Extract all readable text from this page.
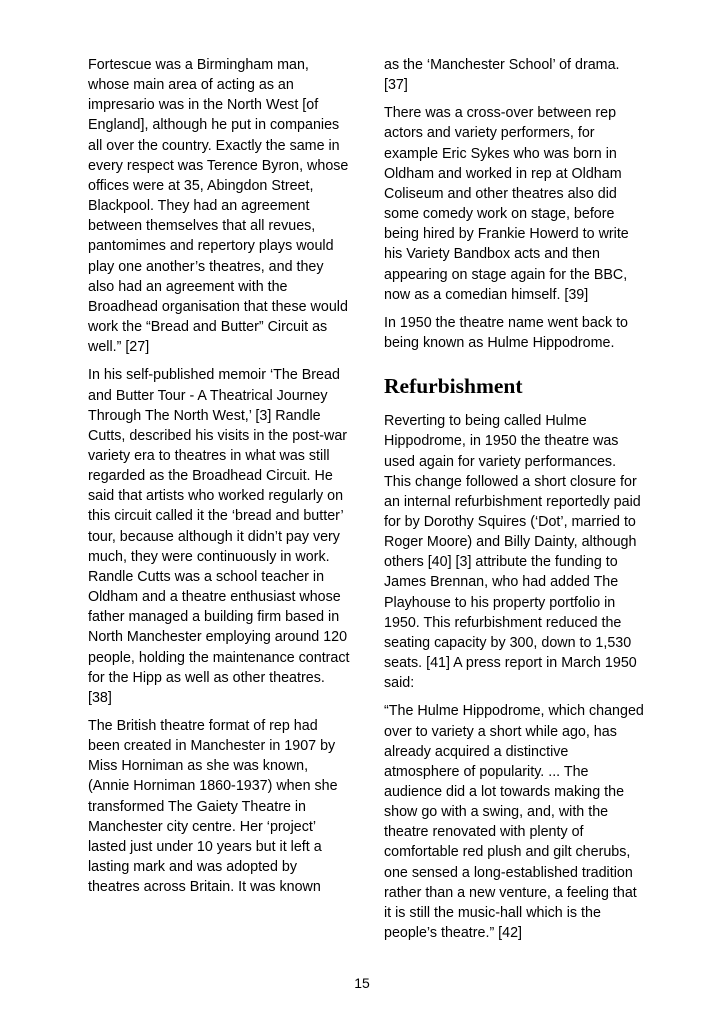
Fortescue was a Birmingham man, whose main area of acting as an impresario was in the North West [of England], although he put in companies all over the country. Exactly the same in every respect was Terence Byron, whose offices were at 35, Abingdon Street, Blackpool. They had an agreement between themselves that all revues, pantomimes and repertory plays would play one another’s theatres, and they also had an agreement with the Broadhead organisation that these would work the “Bread and Butter” Circuit as well.” [27]

In his self-published memoir ‘The Bread and Butter Tour - A Theatrical Journey Through The North West,’ [3] Randle Cutts, described his visits in the post-war variety era to theatres in what was still regarded as the Broadhead Circuit. He said that artists who worked regularly on this circuit called it the ‘bread and butter’ tour, because although it didn’t pay very much, they were continuously in work. Randle Cutts was a school teacher in Oldham and a theatre enthusiast whose father managed a building firm based in North Manchester employing around 120 people, holding the maintenance contract for the Hipp as well as other theatres. [38]

The British theatre format of rep had been created in Manchester in 1907 by Miss Horniman as she was known, (Annie Horniman 1860-1937) when she transformed The Gaiety Theatre in Manchester city centre. Her ‘project’ lasted just under 10 years but it left a lasting mark and was adopted by theatres across Britain. It was known

as the ‘Manchester School’ of drama. [37]

There was a cross-over between rep actors and variety performers, for example Eric Sykes who was born in Oldham and worked in rep at Oldham Coliseum and other theatres also did some comedy work on stage, before being hired by Frankie Howerd to write his Variety Bandbox acts and then appearing on stage again for the BBC, now as a comedian himself. [39]

In 1950 the theatre name went back to being known as Hulme Hippodrome.

Refurbishment

Reverting to being called Hulme Hippodrome, in 1950 the theatre was used again for variety performances. This change followed a short closure for an internal refurbishment reportedly paid for by Dorothy Squires (‘Dot’, married to Roger Moore) and Billy Dainty, although others [40] [3] attribute the funding to James Brennan, who had added The Playhouse to his property portfolio in 1950. This refurbishment reduced the seating capacity by 300, down to 1,530 seats. [41] A press report in March 1950 said:

“The Hulme Hippodrome, which changed over to variety a short while ago, has already acquired a distinctive atmosphere of popularity. ... The audience did a lot towards making the show go with a swing, and, with the theatre renovated with plenty of comfortable red plush and gilt cherubs, one sensed a long-established tradition rather than a new venture, a feeling that it is still the music-hall which is the people’s theatre.” [42]

15
